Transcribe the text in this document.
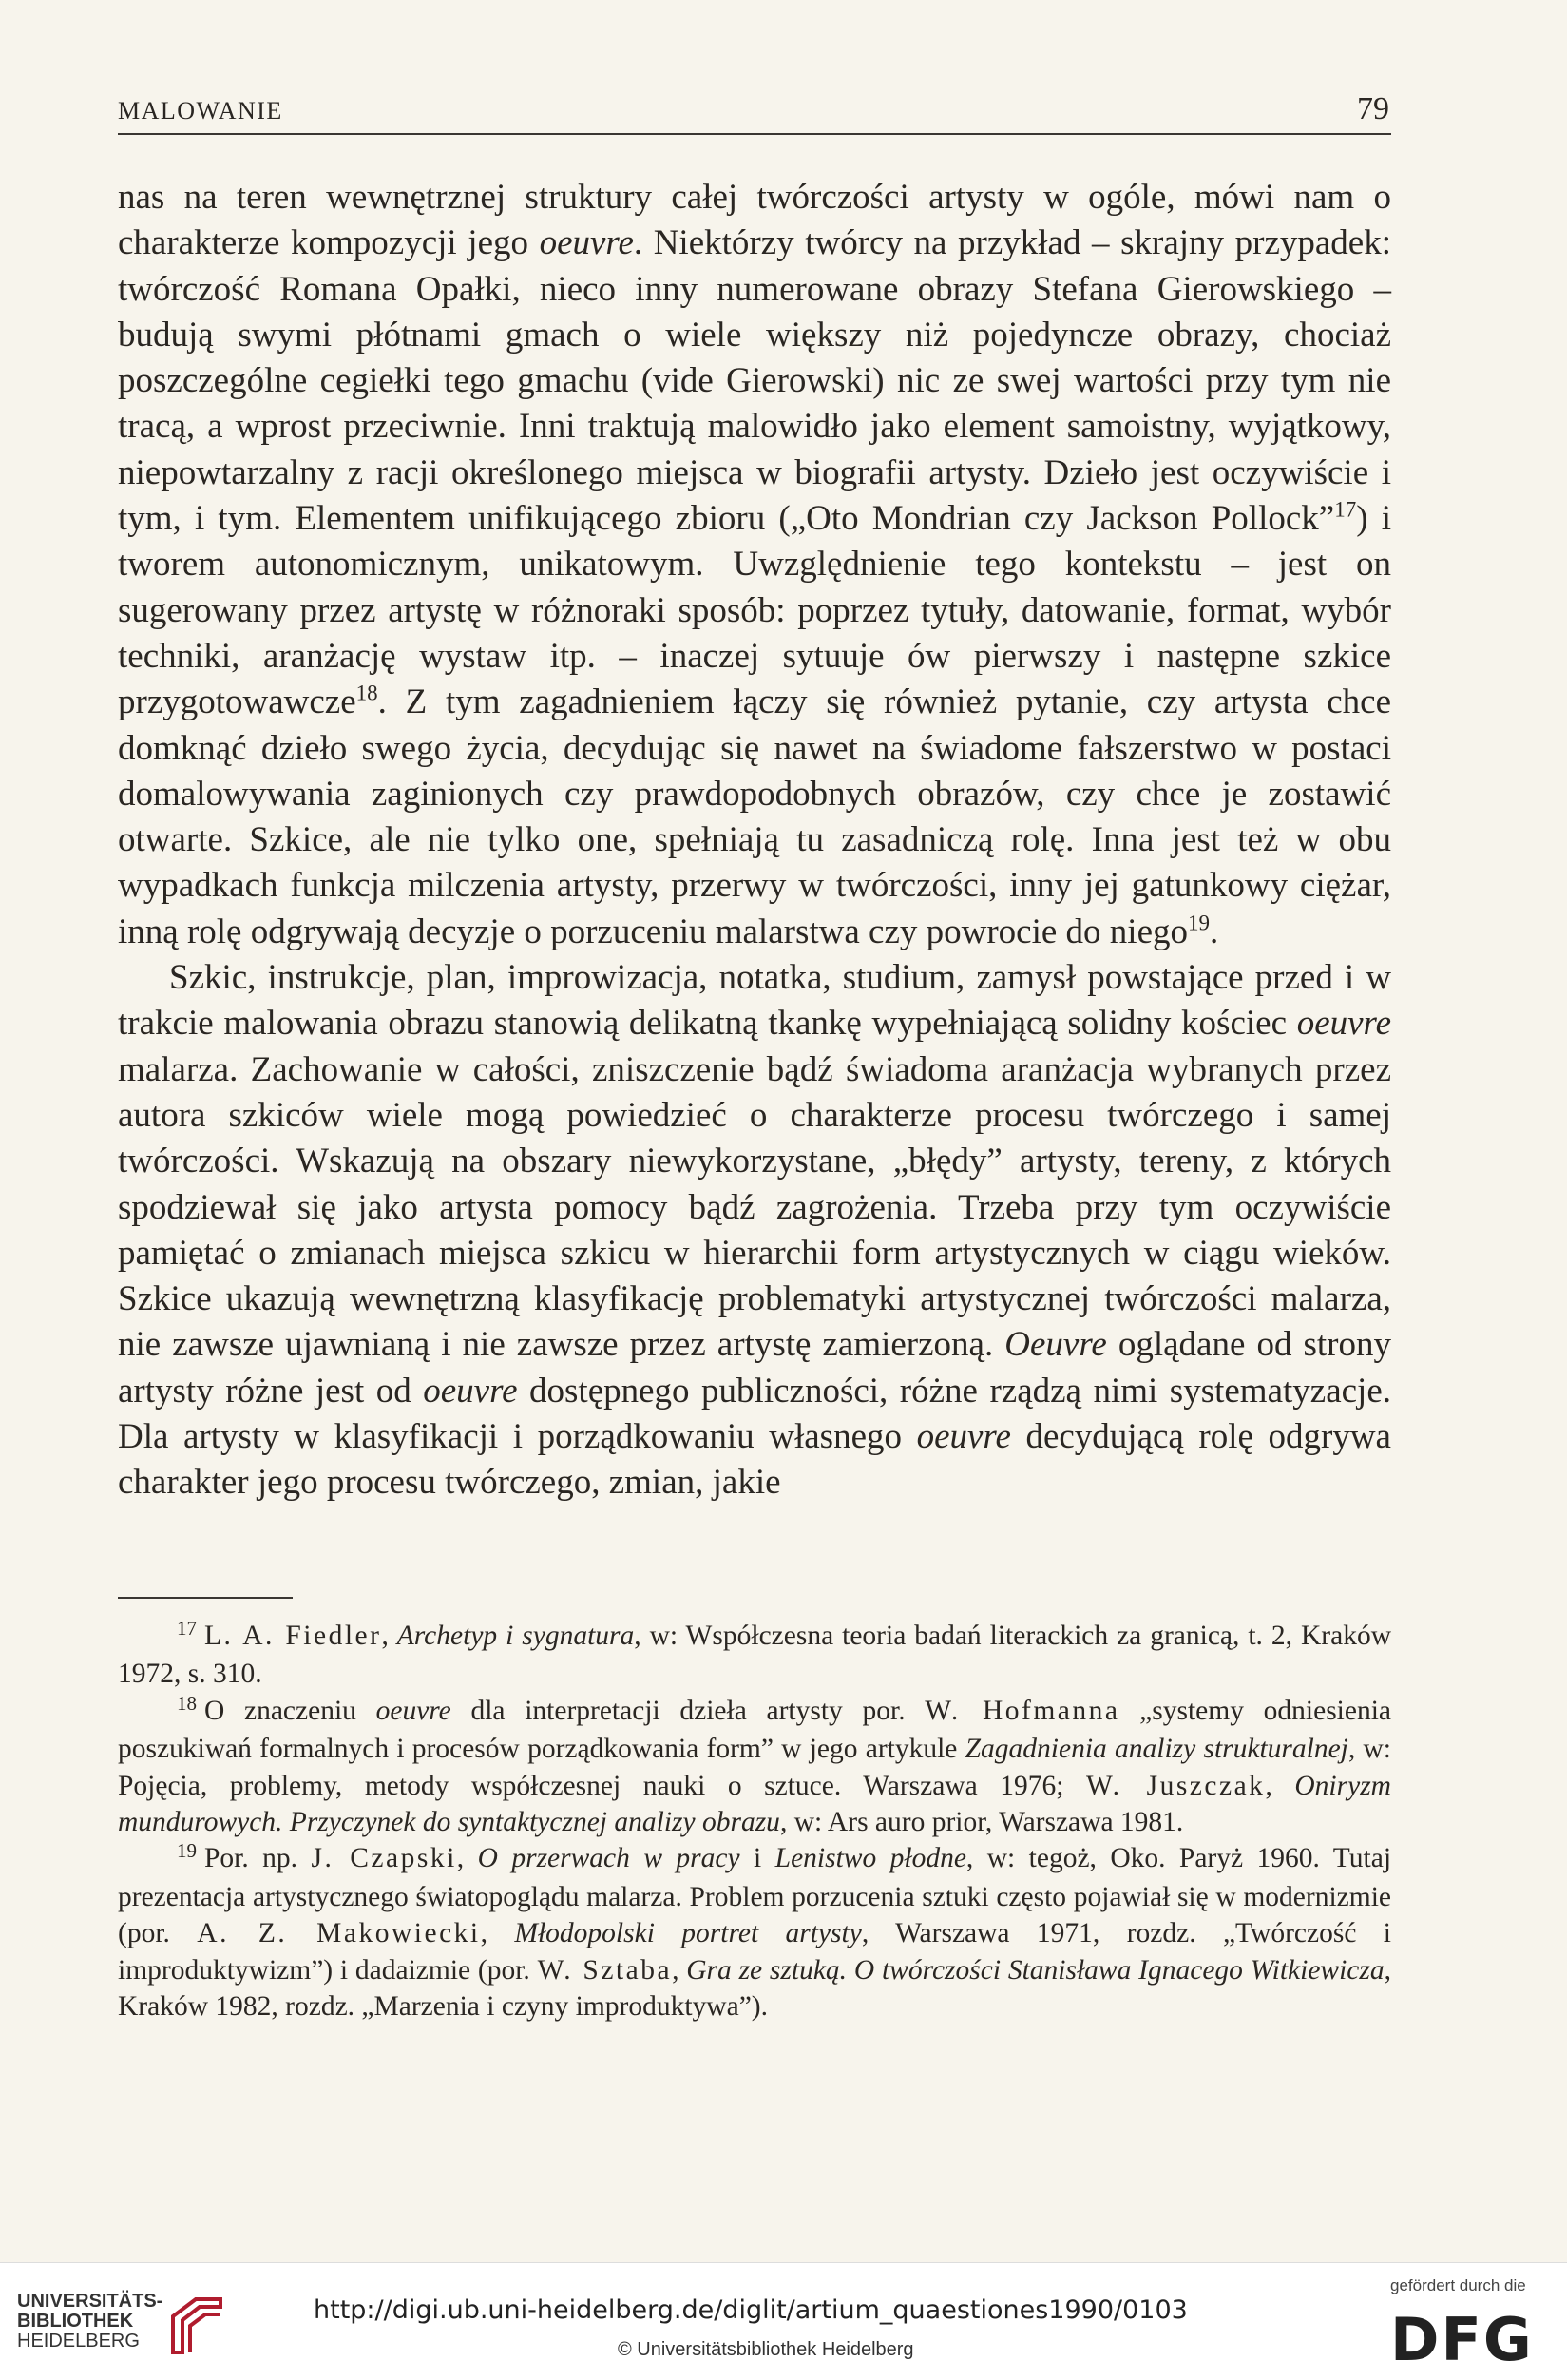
MALOWANIE	79

nas na teren wewnętrznej struktury całej twórczości artysty w ogóle, mówi nam o charakterze kompozycji jego oeuvre. Niektórzy twórcy na przykład – skrajny przypadek: twórczość Romana Opałki, nieco inny numerowane obrazy Stefana Gierowskiego – budują swymi płótnami gmach o wiele większy niż pojedyncze obrazy, chociaż poszczególne cegiełki tego gmachu (vide Gierowski) nic ze swej wartości przy tym nie tracą, a wprost przeciwnie. Inni traktują malowidło jako element samoistny, wyjątkowy, niepowtarzalny z racji określonego miejsca w biografii artysty. Dzieło jest oczywiście i tym, i tym. Elementem unifikującego zbioru („Oto Mondrian czy Jackson Pollock”$^{17}$) i tworem autonomicznym, unikatowym. Uwzględnienie tego kontekstu – jest on sugerowany przez artystę w różnoraki sposób: poprzez tytuły, datowanie, format, wybór techniki, aranżację wystaw itp. – inaczej sytuuje ów pierwszy i następne szkice przygotowawcze$^{18}$. Z tym zagadnieniem łączy się również pytanie, czy artysta chce domknąć dzieło swego życia, decydując się nawet na świadome fałszerstwo w postaci domalowywania zaginionych czy prawdopodobnych obrazów, czy chce je zostawić otwarte. Szkice, ale nie tylko one, spełniają tu zasadniczą rolę. Inna jest też w obu wypadkach funkcja milczenia artysty, przerwy w twórczości, inny jej gatunkowy ciężar, inną rolę odgrywają decyzje o porzuceniu malarstwa czy powrocie do niego$^{19}$.

Szkic, instrukcje, plan, improwizacja, notatka, studium, zamysł powstające przed i w trakcie malowania obrazu stanowią delikatną tkankę wypełniającą solidny kościec oeuvre malarza. Zachowanie w całości, zniszczenie bądź świadoma aranżacja wybranych przez autora szkiców wiele mogą powiedzieć o charakterze procesu twórczego i samej twórczości. Wskazują na obszary niewykorzystane, „błędy” artysty, tereny, z których spodziewał się jako artysta pomocy bądź zagrożenia. Trzeba przy tym oczywiście pamiętać o zmianach miejsca szkicu w hierarchii form artystycznych w ciągu wieków. Szkice ukazują wewnętrzną klasyfikację problematyki artystycznej twórczości malarza, nie zawsze ujawnianą i nie zawsze przez artystę zamierzoną. Oeuvre oglądane od strony artysty różne jest od oeuvre dostępnego publiczności, różne rządzą nimi systematyzacje. Dla artysty w klasyfikacji i porządkowaniu własnego oeuvre decydującą rolę odgrywa charakter jego procesu twórczego, zmian, jakie

$^{17}$ L. A. Fiedler, Archetyp i sygnatura, w: Współczesna teoria badań literackich za granicą, t. 2, Kraków 1972, s. 310.

$^{18}$ O znaczeniu oeuvre dla interpretacji dzieła artysty por. W. Hofmanna „systemy odniesienia poszukiwań formalnych i procesów porządkowania form” w jego artykule Zagadnienia analizy strukturalnej, w: Pojęcia, problemy, metody współczesnej nauki o sztuce. Warszawa 1976; W. Juszczak, Oniryzm mundurowych. Przyczynek do syntaktycznej analizy obrazu, w: Ars auro prior, Warszawa 1981.

$^{19}$ Por. np. J. Czapski, O przerwach w pracy i Lenistwo płodne, w: tegoż, Oko. Paryż 1960. Tutaj prezentacja artystycznego światopoglądu malarza. Problem porzucenia sztuki często pojawiał się w modernizmie (por. A. Z. Makowiecki, Młodopolski portret artysty, Warszawa 1971, rozdz. „Twórczość i improduktywizm”) i dadaizmie (por. W. Sztaba, Gra ze sztuką. O twórczości Stanisława Ignacego Witkiewicza, Kraków 1982, rozdz. „Marzenia i czyny improduktywa”).

UNIVERSITÄTS-
BIBLIOTHEK
HEIDELBERG
http://digi.ub.uni-heidelberg.de/diglit/artium_quaestiones1990/0103
© Universitätsbibliothek Heidelberg
gefördert durch die
DFG
